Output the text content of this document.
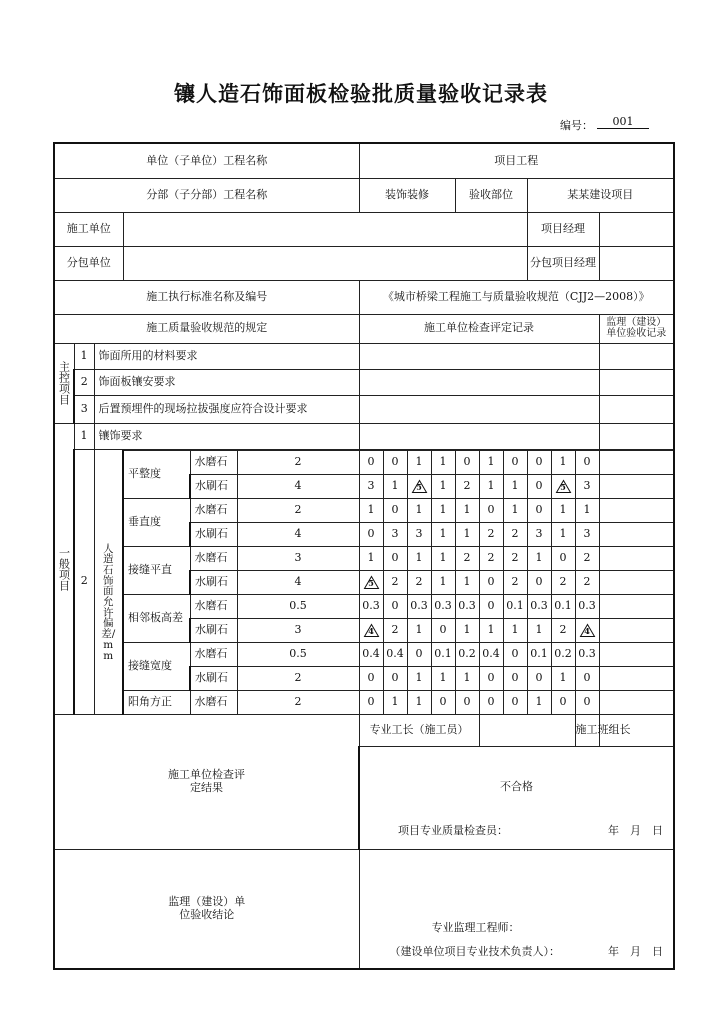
镶人造石饰面板检验批质量验收记录表
编号：	001
单位（子单位）工程名称						项目工程										
分部（子分部）工程名称						装饰装修				验收部位			某某建设项目			
施工单位													项目经理			
分包单位													分包项目经理			
施工执行标准名称及编号						《城市桥梁工程施工与质量验收规范（CJJ2—2008）》										
施工质量验收规范的规定						施工单位检查评定记录										监理（建设）
单位验收记录

主控项目	1	饰面所用的材料要求														
	2	饰面板镶安要求														
	3	后置预埋件的现场拉拔强度应符合设计要求														

一般项目	1	镶饰要求														
	2	人造石饰面允许偏差/mm														

			平整度	水磨石	2	0	0	1	1	0	1	0	0	1	0	
				水刷石	4	3	1	5	1	2	1	1	0	5	3	
			垂直度	水磨石	2	1	0	1	1	1	0	1	0	1	1	
				水刷石	4	0	3	3	1	1	2	2	3	1	3	
			接缝平直	水磨石	3	1	0	1	1	2	2	2	1	0	2	
				水刷石	4	5	2	2	1	1	0	2	0	2	2	
			相邻板高差	水磨石	0.5	0.3	0	0.3	0.3	0.3	0	0.1	0.3	0.1	0.3	
				水刷石	3	4	2	1	0	1	1	1	1	2	4	

			接缝宽度	水磨石	0.5	0.4	0.4	0	0.1	0.2	0.4	0	0.1	0.2	0.3	
				水刷石	2	0	0	1	1	1	0	0	0	1	0	
			阳角方正	水磨石	2	0	1	1	0	0	0	0	1	0	0	

施工单位检查评定结果						专业工长（施工员）									施工班组长	
						不合格										

						项目专业质量检查员： 年　月　日										

监理（建设）单位验收结论						专业监理工程师：
（建设单位项目专业技术负责人）： 年　月　日										
